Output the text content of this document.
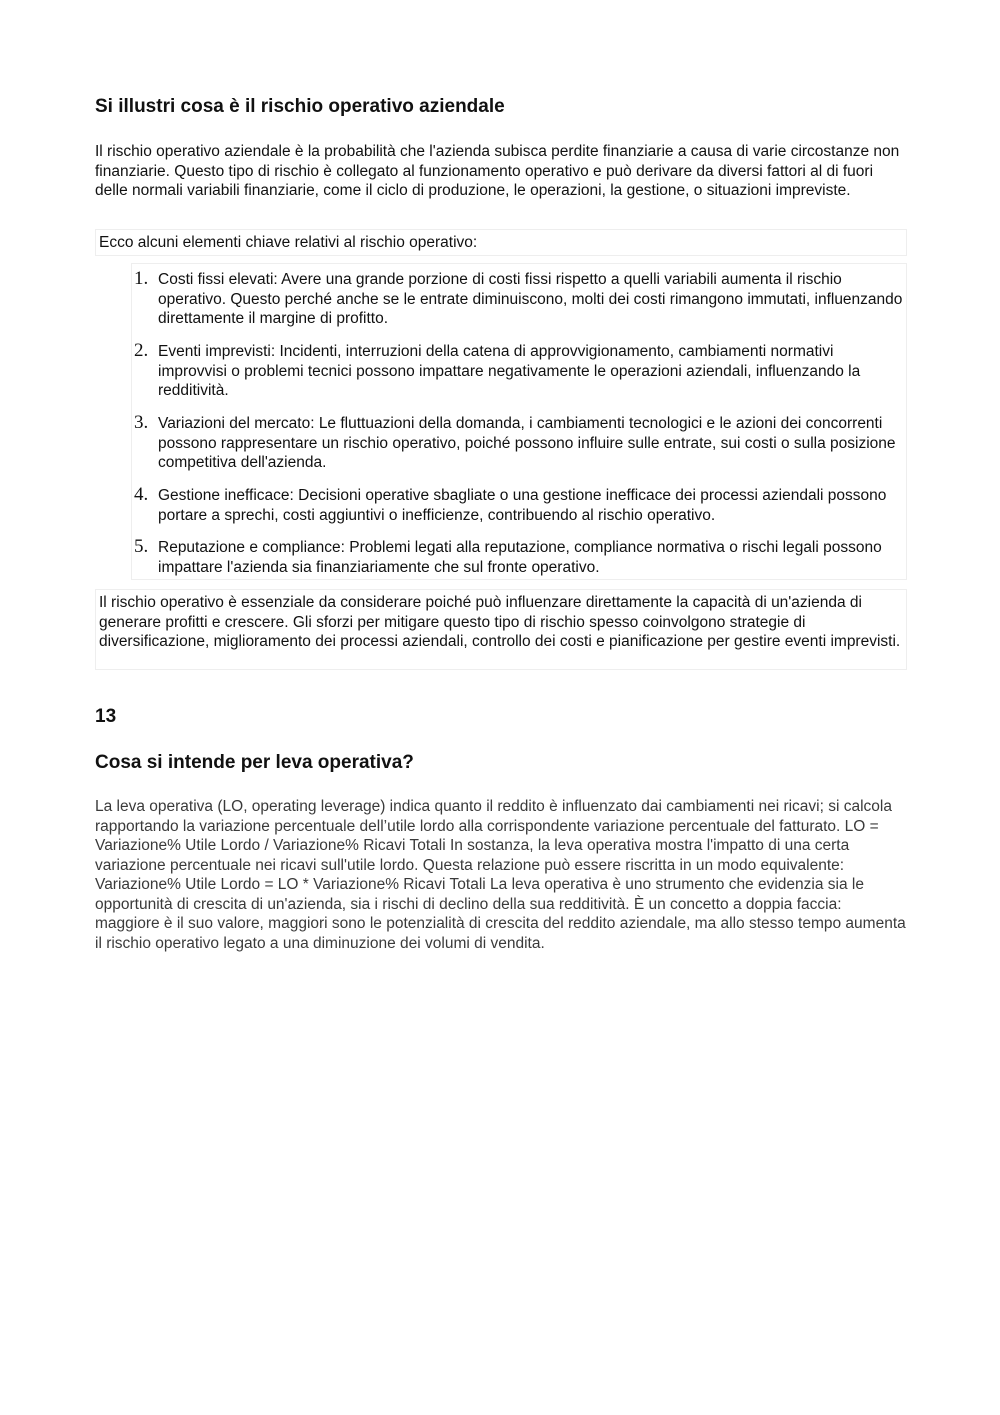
Si illustri cosa è il rischio operativo aziendale
Il rischio operativo aziendale è la probabilità che l'azienda subisca perdite finanziarie a causa di varie circostanze non finanziarie. Questo tipo di rischio è collegato al funzionamento operativo e può derivare da diversi fattori al di fuori delle normali variabili finanziarie, come il ciclo di produzione, le operazioni, la gestione, o situazioni impreviste.
Ecco alcuni elementi chiave relativi al rischio operativo:
1. Costi fissi elevati: Avere una grande porzione di costi fissi rispetto a quelli variabili aumenta il rischio operativo. Questo perché anche se le entrate diminuiscono, molti dei costi rimangono immutati, influenzando direttamente il margine di profitto.
2. Eventi imprevisti: Incidenti, interruzioni della catena di approvvigionamento, cambiamenti normativi improvvisi o problemi tecnici possono impattare negativamente le operazioni aziendali, influenzando la redditività.
3. Variazioni del mercato: Le fluttuazioni della domanda, i cambiamenti tecnologici e le azioni dei concorrenti possono rappresentare un rischio operativo, poiché possono influire sulle entrate, sui costi o sulla posizione competitiva dell'azienda.
4. Gestione inefficace: Decisioni operative sbagliate o una gestione inefficace dei processi aziendali possono portare a sprechi, costi aggiuntivi o inefficienze, contribuendo al rischio operativo.
5. Reputazione e compliance: Problemi legati alla reputazione, compliance normativa o rischi legali possono impattare l'azienda sia finanziariamente che sul fronte operativo.
Il rischio operativo è essenziale da considerare poiché può influenzare direttamente la capacità di un'azienda di generare profitti e crescere. Gli sforzi per mitigare questo tipo di rischio spesso coinvolgono strategie di diversificazione, miglioramento dei processi aziendali, controllo dei costi e pianificazione per gestire eventi imprevisti.
13
Cosa si intende per leva operativa?
La leva operativa (LO, operating leverage) indica quanto il reddito è influenzato dai cambiamenti nei ricavi; si calcola rapportando la variazione percentuale dell’utile lordo alla corrispondente variazione percentuale del fatturato. LO = Variazione% Utile Lordo / Variazione% Ricavi Totali In sostanza, la leva operativa mostra l'impatto di una certa variazione percentuale nei ricavi sull'utile lordo. Questa relazione può essere riscritta in un modo equivalente: Variazione% Utile Lordo = LO * Variazione% Ricavi Totali La leva operativa è uno strumento che evidenzia sia le opportunità di crescita di un'azienda, sia i rischi di declino della sua redditività. È un concetto a doppia faccia: maggiore è il suo valore, maggiori sono le potenzialità di crescita del reddito aziendale, ma allo stesso tempo aumenta il rischio operativo legato a una diminuzione dei volumi di vendita.
